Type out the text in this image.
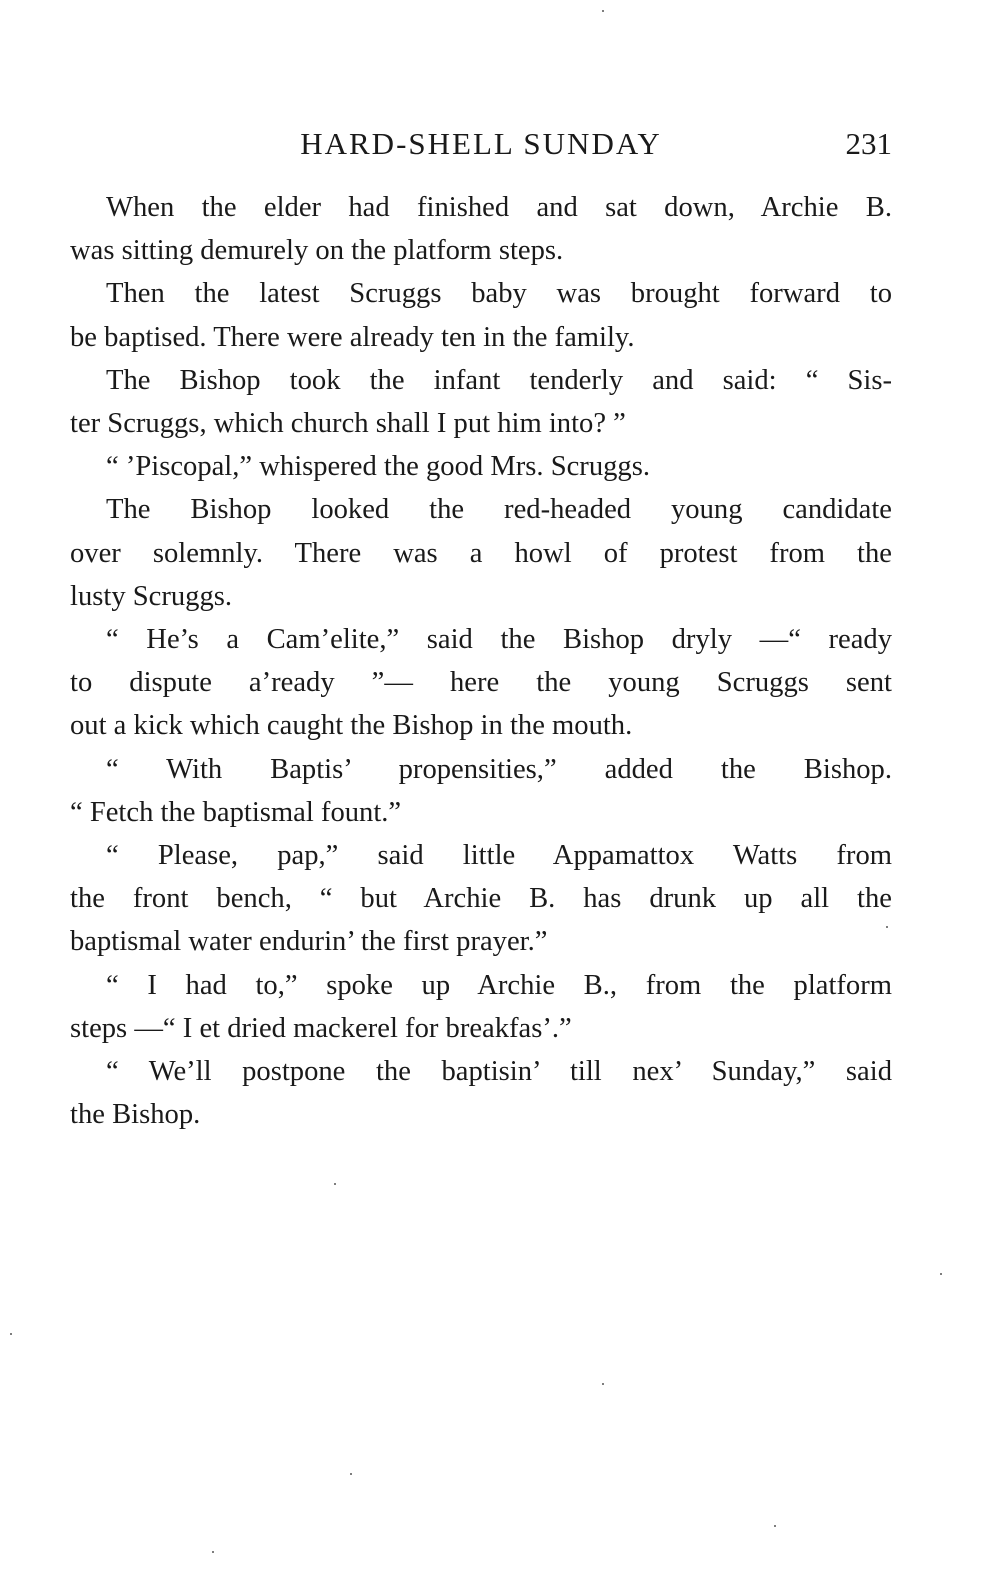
HARD-SHELL SUNDAY	231
When the elder had finished and sat down, Archie B.
was sitting demurely on the platform steps.
Then the latest Scruggs baby was brought forward to
be baptised. There were already ten in the family.
The Bishop took the infant tenderly and said: “ Sis-
ter Scruggs, which church shall I put him into? ”
“ ’Piscopal,” whispered the good Mrs. Scruggs.
The Bishop looked the red-headed young candidate
over solemnly. There was a howl of protest from the
lusty Scruggs.
“ He’s a Cam’elite,” said the Bishop dryly —“ ready
to dispute a’ready ”— here the young Scruggs sent
out a kick which caught the Bishop in the mouth.
“ With Baptis’ propensities,” added the Bishop.
“ Fetch the baptismal fount.”
“ Please, pap,” said little Appamattox Watts from
the front bench, “ but Archie B. has drunk up all the
baptismal water endurin’ the first prayer.”
“ I had to,” spoke up Archie B., from the platform
steps —“ I et dried mackerel for breakfas’.”
“ We’ll postpone the baptisin’ till nex’ Sunday,” said
the Bishop.
